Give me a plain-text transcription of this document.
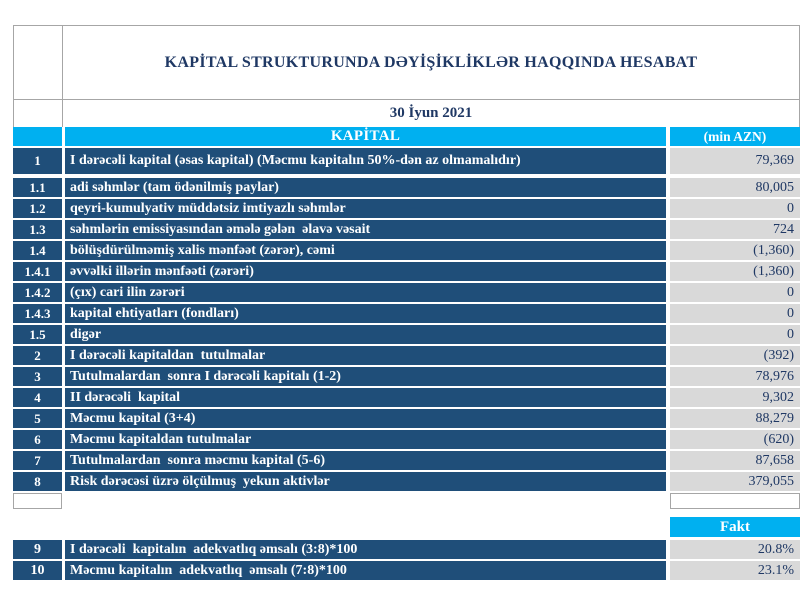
KAPİTAL STRUKTURUNDA DƏYİŞİKLİKLƏR HAQQINDA HESABAT
30 İyun 2021
KAPİTAL	(min AZN)
1	I dərəcəli kapital (əsas kapital) (Məcmu kapitalın 50%-dən az olmamalıdır)	79,369
1.1	adi səhmlər (tam ödənilmiş paylar)	80,005
1.2	qeyri-kumulyativ müddətsiz imtiyazlı səhmlər	0
1.3	səhmlərin emissiyasından əmələ gələn  əlavə vəsait	724
1.4	bölüşdürülməmiş xalis mənfəət (zərər), cəmi	(1,360)
1.4.1	əvvəlki illərin mənfəəti (zərəri)	(1,360)
1.4.2	(çıx) cari ilin zərəri	0
1.4.3	kapital ehtiyatları (fondları)	0
1.5	digər	0
2	I dərəcəli kapitaldan  tutulmalar	(392)
3	Tutulmalardan  sonra I dərəcəli kapitalı (1-2)	78,976
4	II dərəcəli  kapital	9,302
5	Məcmu kapital (3+4)	88,279
6	Məcmu kapitaldan tutulmalar	(620)
7	Tutulmalardan  sonra məcmu kapital (5-6)	87,658
8	Risk dərəcəsi üzrə ölçülmuş  yekun aktivlər	379,055
Fakt
9	I dərəcəli  kapitalın  adekvatlıq əmsalı (3:8)*100	20.8%
10	Məcmu kapitalın  adekvatlıq  əmsalı (7:8)*100	23.1%
